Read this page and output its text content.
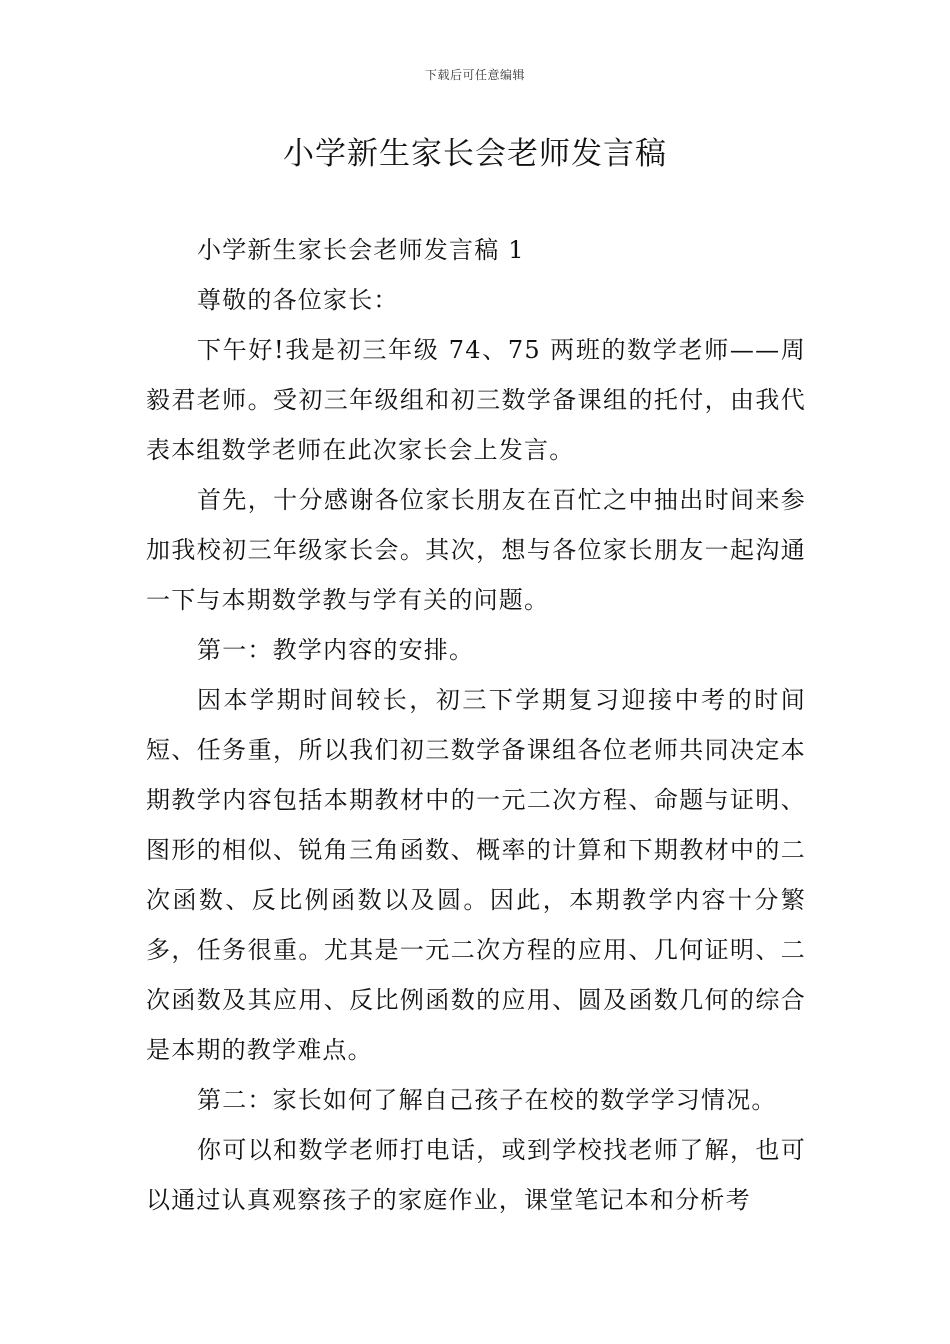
下载后可任意编辑
小学新生家长会老师发言稿

小学新生家长会老师发言稿 1

尊敬的各位家长：

下午好!我是初三年级 74、75 两班的数学老师——周毅君老师。受初三年级组和初三数学备课组的托付，由我代表本组数学老师在此次家长会上发言。

首先，十分感谢各位家长朋友在百忙之中抽出时间来参加我校初三年级家长会。其次，想与各位家长朋友一起沟通一下与本期数学教与学有关的问题。

第一：教学内容的安排。

因本学期时间较长，初三下学期复习迎接中考的时间短、任务重，所以我们初三数学备课组各位老师共同决定本期教学内容包括本期教材中的一元二次方程、命题与证明、图形的相似、锐角三角函数、概率的计算和下期教材中的二次函数、反比例函数以及圆。因此，本期教学内容十分繁多，任务很重。尤其是一元二次方程的应用、几何证明、二次函数及其应用、反比例函数的应用、圆及函数几何的综合是本期的教学难点。

第二：家长如何了解自己孩子在校的数学学习情况。

你可以和数学老师打电话，或到学校找老师了解，也可以通过认真观察孩子的家庭作业，课堂笔记本和分析考
